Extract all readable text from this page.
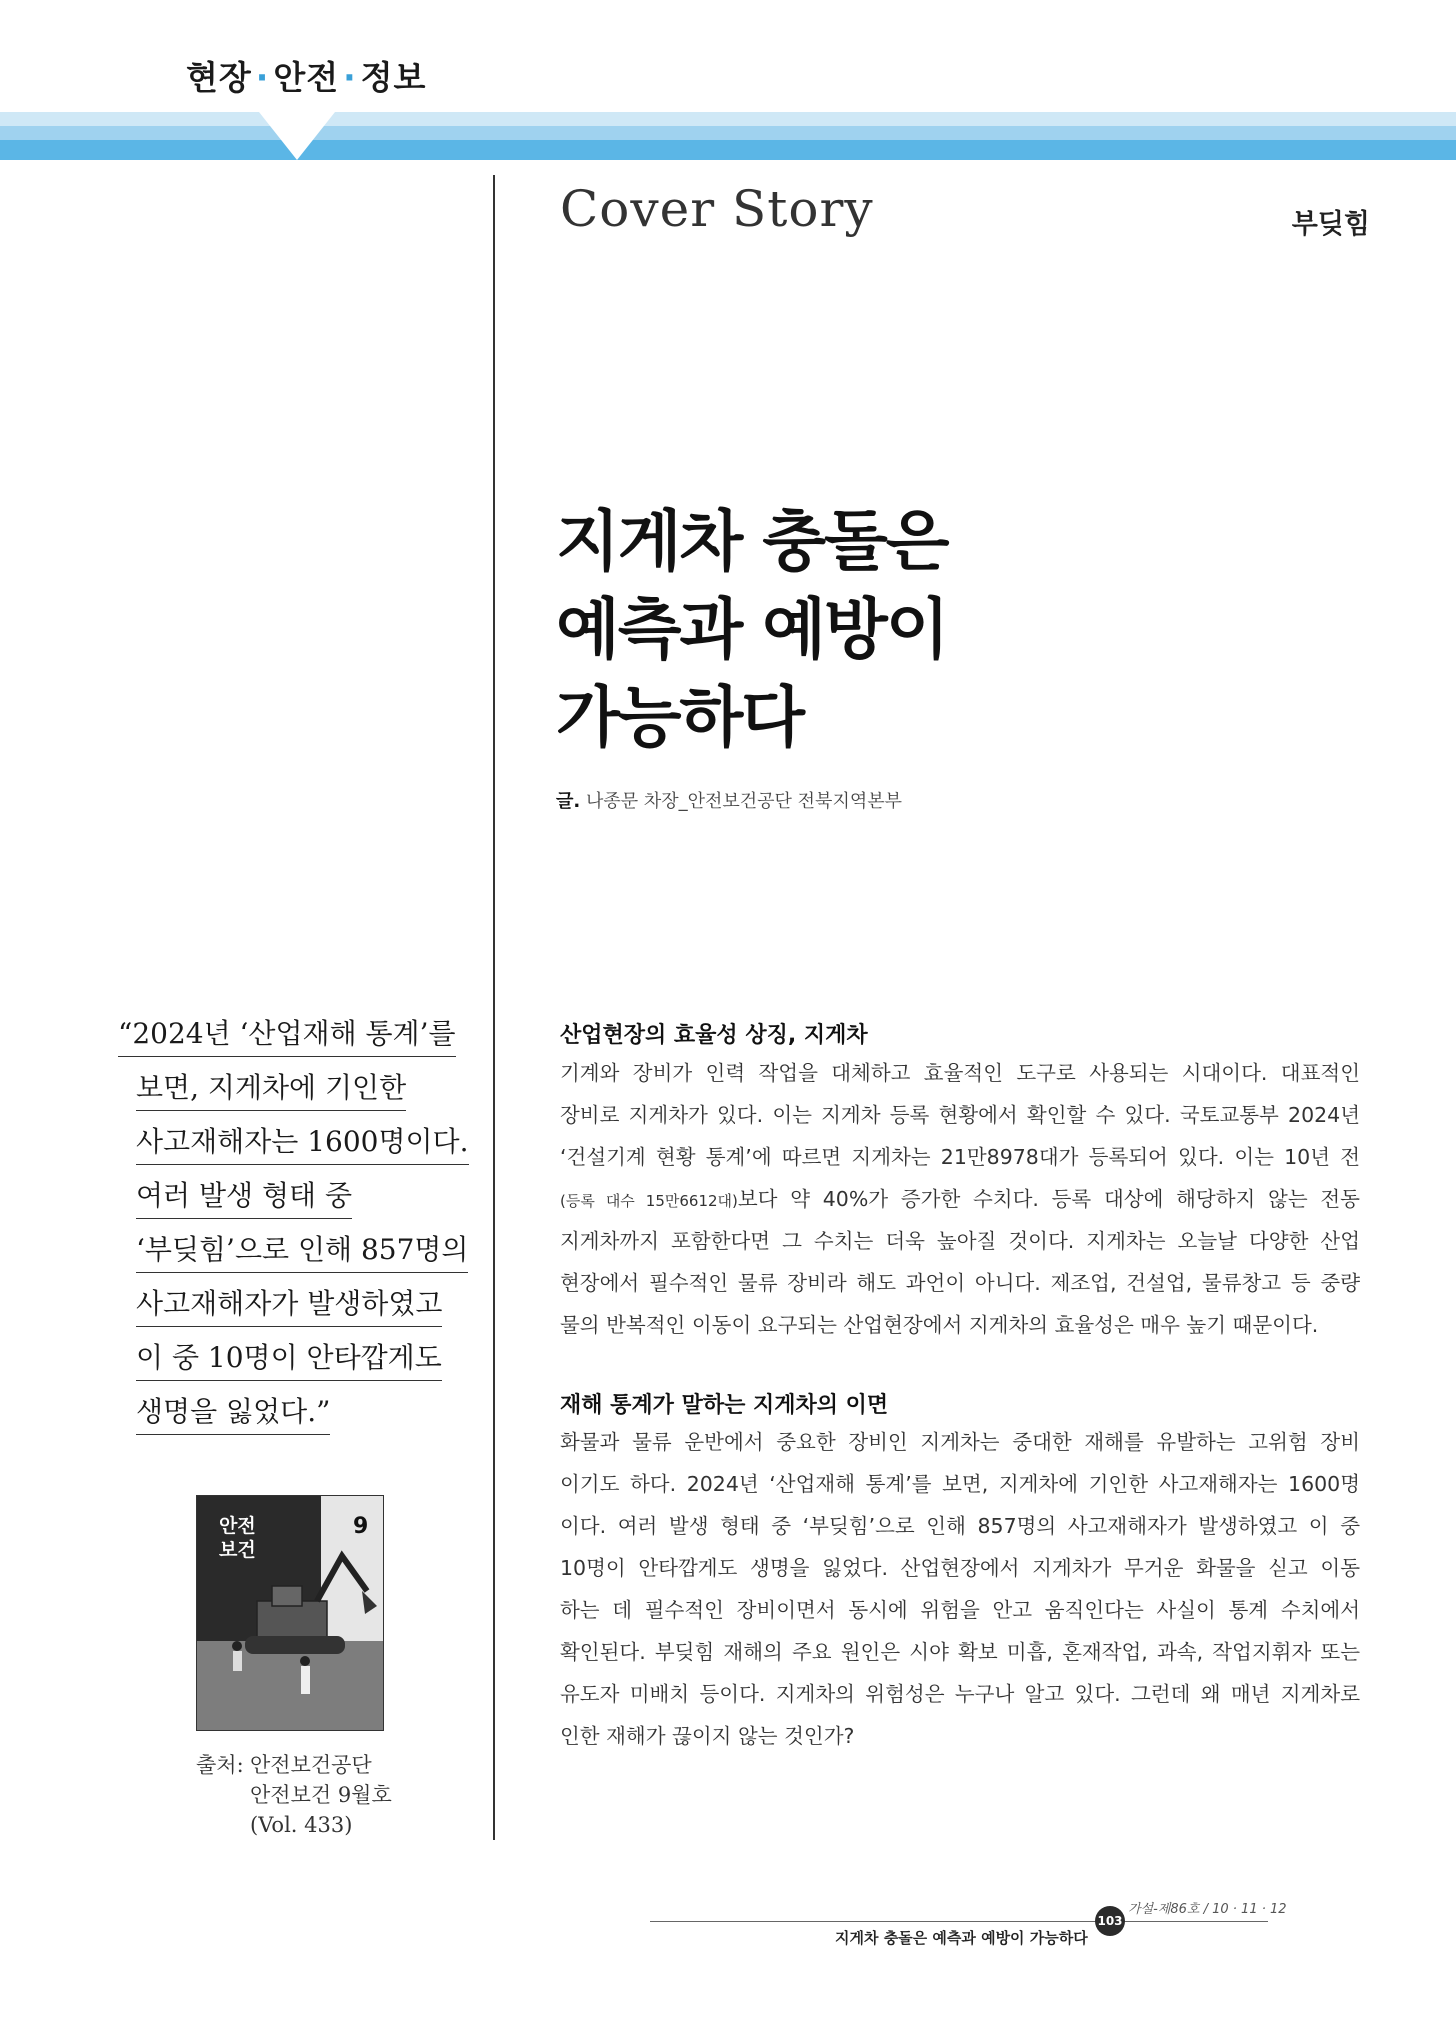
현장 · 안전 · 정보
Cover Story	부딪힘
지게차 충돌은
예측과 예방이
가능하다
글. 나종문 차장_안전보건공단 전북지역본부
“2024년 ‘산업재해 통계’를
보면, 지게차에 기인한
사고재해자는 1600명이다.
여러 발생 형태 중
‘부딪힘’으로 인해 857명의
사고재해자가 발생하였고
이 중 10명이 안타깝게도
생명을 잃었다.”
안전
보건
9
출처: 안전보건공단
안전보건 9월호
(Vol. 433)
산업현장의 효율성 상징, 지게차
기계와 장비가 인력 작업을 대체하고 효율적인 도구로 사용되는 시대이다. 대표적인
장비로 지게차가 있다. 이는 지게차 등록 현황에서 확인할 수 있다. 국토교통부 2024년
‘건설기계 현황 통계’에 따르면 지게차는 21만8978대가 등록되어 있다. 이는 10년 전
(등록 대수 15만6612대)보다 약 40%가 증가한 수치다. 등록 대상에 해당하지 않는 전동
지게차까지 포함한다면 그 수치는 더욱 높아질 것이다. 지게차는 오늘날 다양한 산업
현장에서 필수적인 물류 장비라 해도 과언이 아니다. 제조업, 건설업, 물류창고 등 중량
물의 반복적인 이동이 요구되는 산업현장에서 지게차의 효율성은 매우 높기 때문이다.
재해 통계가 말하는 지게차의 이면
화물과 물류 운반에서 중요한 장비인 지게차는 중대한 재해를 유발하는 고위험 장비
이기도 하다. 2024년 ‘산업재해 통계’를 보면, 지게차에 기인한 사고재해자는 1600명
이다. 여러 발생 형태 중 ‘부딪힘’으로 인해 857명의 사고재해자가 발생하였고 이 중
10명이 안타깝게도 생명을 잃었다. 산업현장에서 지게차가 무거운 화물을 싣고 이동
하는 데 필수적인 장비이면서 동시에 위험을 안고 움직인다는 사실이 통계 수치에서
확인된다. 부딪힘 재해의 주요 원인은 시야 확보 미흡, 혼재작업, 과속, 작업지휘자 또는
유도자 미배치 등이다. 지게차의 위험성은 누구나 알고 있다. 그런데 왜 매년 지게차로
인한 재해가 끊이지 않는 것인가?
103
가설-제86호 / 10 · 11 · 12
지게차 충돌은 예측과 예방이 가능하다
